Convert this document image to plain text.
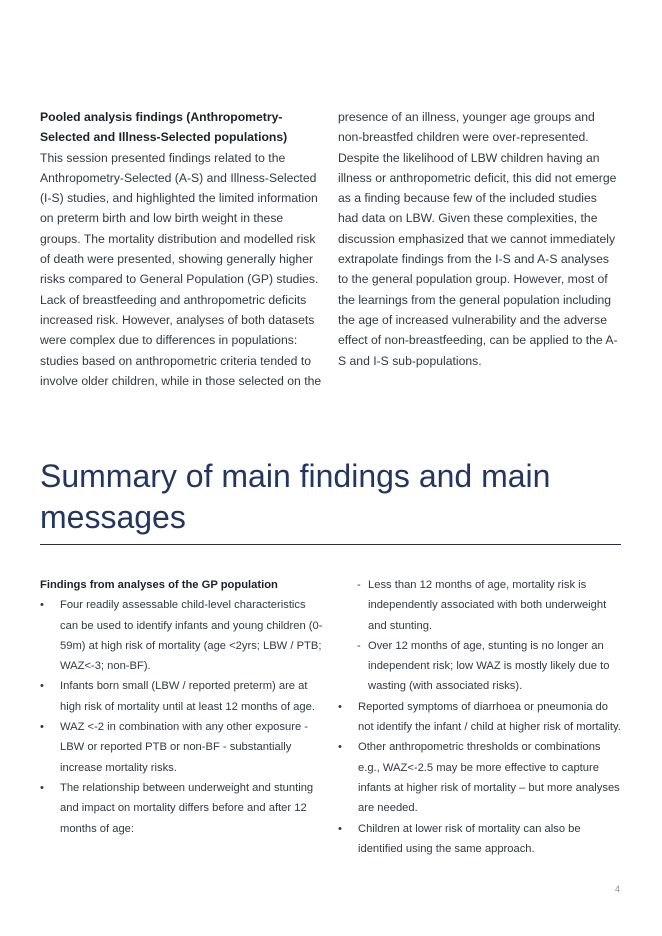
Pooled analysis findings (Anthropometry-Selected and Illness-Selected populations)

This session presented findings related to the Anthropometry-Selected (A-S) and Illness-Selected (I-S) studies, and highlighted the limited information on preterm birth and low birth weight in these groups. The mortality distribution and modelled risk of death were presented, showing generally higher risks compared to General Population (GP) studies. Lack of breastfeeding and anthropometric deficits increased risk. However, analyses of both datasets were complex due to differences in populations: studies based on anthropometric criteria tended to involve older children, while in those selected on the

presence of an illness, younger age groups and non-breastfed children were over-represented. Despite the likelihood of LBW children having an illness or anthropometric deficit, this did not emerge as a finding because few of the included studies had data on LBW. Given these complexities, the discussion emphasized that we cannot immediately extrapolate findings from the I-S and A-S analyses to the general population group. However, most of the learnings from the general population including the age of increased vulnerability and the adverse effect of non-breastfeeding, can be applied to the A-S and I-S sub-populations.

Summary of main findings and main messages
Findings from analyses of the GP population
• Four readily assessable child-level characteristics can be used to identify infants and young children (0-59m) at high risk of mortality (age <2yrs; LBW / PTB; WAZ<-3; non-BF).
• Infants born small (LBW / reported preterm) are at high risk of mortality until at least 12 months of age.
• WAZ <-2 in combination with any other exposure - LBW or reported PTB or non-BF - substantially increase mortality risks.
• The relationship between underweight and stunting and impact on mortality differs before and after 12 months of age:
- Less than 12 months of age, mortality risk is independently associated with both underweight and stunting.
- Over 12 months of age, stunting is no longer an independent risk; low WAZ is mostly likely due to wasting (with associated risks).
• Reported symptoms of diarrhoea or pneumonia do not identify the infant / child at higher risk of mortality.
• Other anthropometric thresholds or combinations e.g., WAZ<-2.5 may be more effective to capture infants at higher risk of mortality – but more analyses are needed.
• Children at lower risk of mortality can also be identified using the same approach.
4
